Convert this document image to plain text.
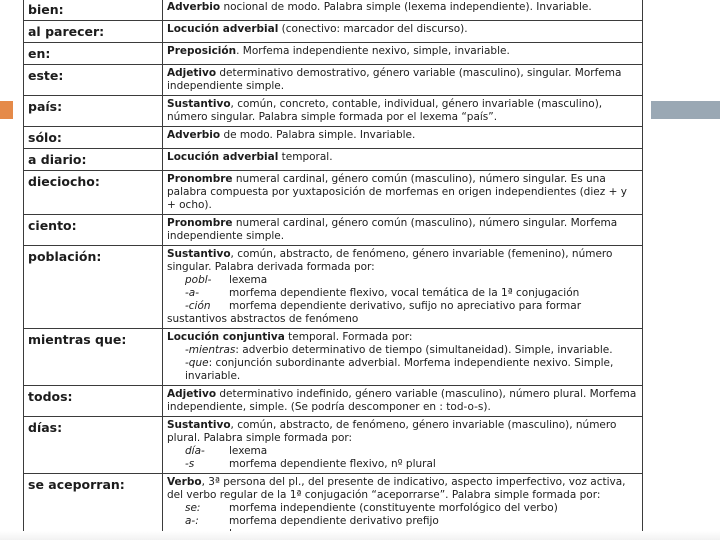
bien:	Adverbio nocional de modo. Palabra simple (lexema independiente). Invariable.
al parecer:	Locución adverbial (conectivo: marcador del discurso).
en:	Preposición. Morfema independiente nexivo, simple, invariable.
este:	Adjetivo determinativo demostrativo, género variable (masculino), singular. Morfema independiente simple.
país:	Sustantivo, común, concreto, contable, individual, género invariable (masculino), número singular. Palabra simple formada por el lexema “país”.
sólo:	Adverbio de modo. Palabra simple. Invariable.
a diario:	Locución adverbial temporal.
dieciocho:	Pronombre numeral cardinal, género común (masculino), número singular. Es una palabra compuesta por yuxtaposición de morfemas en origen independientes (diez + y + ocho).
ciento:	Pronombre numeral cardinal, género común (masculino), número singular. Morfema independiente simple.
población:	Sustantivo, común, abstracto, de fenómeno, género invariable (femenino), número singular. Palabra derivada formada por:
pobl- lexema
-a- morfema dependiente flexivo, vocal temática de la 1ª conjugación
-ción morfema dependiente derivativo, sufijo no apreciativo para formar
sustantivos abstractos de fenómeno

mientras que:	Locución conjuntiva temporal. Formada por:
-mientras: adverbio determinativo de tiempo (simultaneidad). Simple, invariable.
-que: conjunción subordinante adverbial. Morfema independiente nexivo. Simple, invariable.

todos:	Adjetivo determinativo indefinido, género variable (masculino), número plural. Morfema independiente, simple. (Se podría descomponer en : tod-o-s).
días:	Sustantivo, común, abstracto, de fenómeno, género invariable (masculino), número plural. Palabra simple formada por:
día- lexema
-s morfema dependiente flexivo, nº plural

se aceporran:	Verbo, 3ª persona del pl., del presente de indicativo, aspecto imperfectivo, voz activa, del verbo regular de la 1ª conjugación “aceporrarse”. Palabra simple formada por:
se: morfema independiente (constituyente morfológico del verbo)
a-: morfema dependiente derivativo prefijo
